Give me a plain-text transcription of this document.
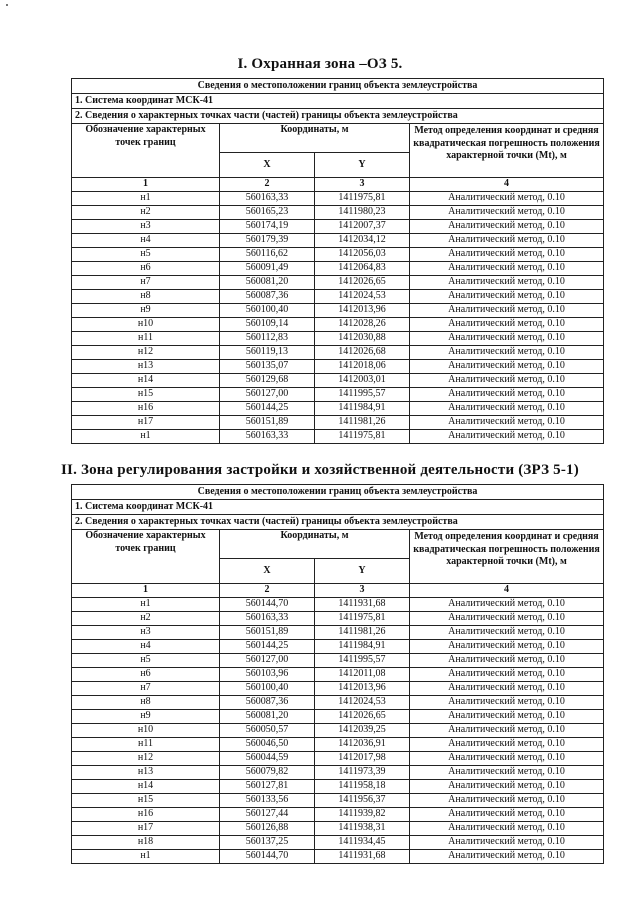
I. Охранная зона –ОЗ 5.
Сведения о местоположении границ объекта землеустройства			
1. Система координат МСК-41			
2. Сведения о характерных точках части (частей) границы объекта землеустройства			
Обозначение характерных точек границ	Координаты, м		Метод определения координат и средняя квадратическая погрешность положения характерной точки (Mt), м
	X	Y	
1	2	3	4
н1	560163,33	1411975,81	Аналитический метод, 0.10
н2	560165,23	1411980,23	Аналитический метод, 0.10
н3	560174,19	1412007,37	Аналитический метод, 0.10
н4	560179,39	1412034,12	Аналитический метод, 0.10
н5	560116,62	1412056,03	Аналитический метод, 0.10
н6	560091,49	1412064,83	Аналитический метод, 0.10
н7	560081,20	1412026,65	Аналитический метод, 0.10
н8	560087,36	1412024,53	Аналитический метод, 0.10
н9	560100,40	1412013,96	Аналитический метод, 0.10
н10	560109,14	1412028,26	Аналитический метод, 0.10
н11	560112,83	1412030,88	Аналитический метод, 0.10
н12	560119,13	1412026,68	Аналитический метод, 0.10
н13	560135,07	1412018,06	Аналитический метод, 0.10
н14	560129,68	1412003,01	Аналитический метод, 0.10
н15	560127,00	1411995,57	Аналитический метод, 0.10
н16	560144,25	1411984,91	Аналитический метод, 0.10
н17	560151,89	1411981,26	Аналитический метод, 0.10
н1	560163,33	1411975,81	Аналитический метод, 0.10
II. Зона регулирования застройки и хозяйственной деятельности (ЗРЗ 5-1)
Сведения о местоположении границ объекта землеустройства			
1. Система координат МСК-41			
2. Сведения о характерных точках части (частей) границы объекта землеустройства			
Обозначение характерных точек границ	Координаты, м		Метод определения координат и средняя квадратическая погрешность положения характерной точки (Mt), м
	X	Y	
1	2	3	4
н1	560144,70	1411931,68	Аналитический метод, 0.10
н2	560163,33	1411975,81	Аналитический метод, 0.10
н3	560151,89	1411981,26	Аналитический метод, 0.10
н4	560144,25	1411984,91	Аналитический метод, 0.10
н5	560127,00	1411995,57	Аналитический метод, 0.10
н6	560103,96	1412011,08	Аналитический метод, 0.10
н7	560100,40	1412013,96	Аналитический метод, 0.10
н8	560087,36	1412024,53	Аналитический метод, 0.10
н9	560081,20	1412026,65	Аналитический метод, 0.10
н10	560050,57	1412039,25	Аналитический метод, 0.10
н11	560046,50	1412036,91	Аналитический метод, 0.10
н12	560044,59	1412017,98	Аналитический метод, 0.10
н13	560079,82	1411973,39	Аналитический метод, 0.10
н14	560127,81	1411958,18	Аналитический метод, 0.10
н15	560133,56	1411956,37	Аналитический метод, 0.10
н16	560127,44	1411939,82	Аналитический метод, 0.10
н17	560126,88	1411938,31	Аналитический метод, 0.10
н18	560137,25	1411934,45	Аналитический метод, 0.10
н1	560144,70	1411931,68	Аналитический метод, 0.10
